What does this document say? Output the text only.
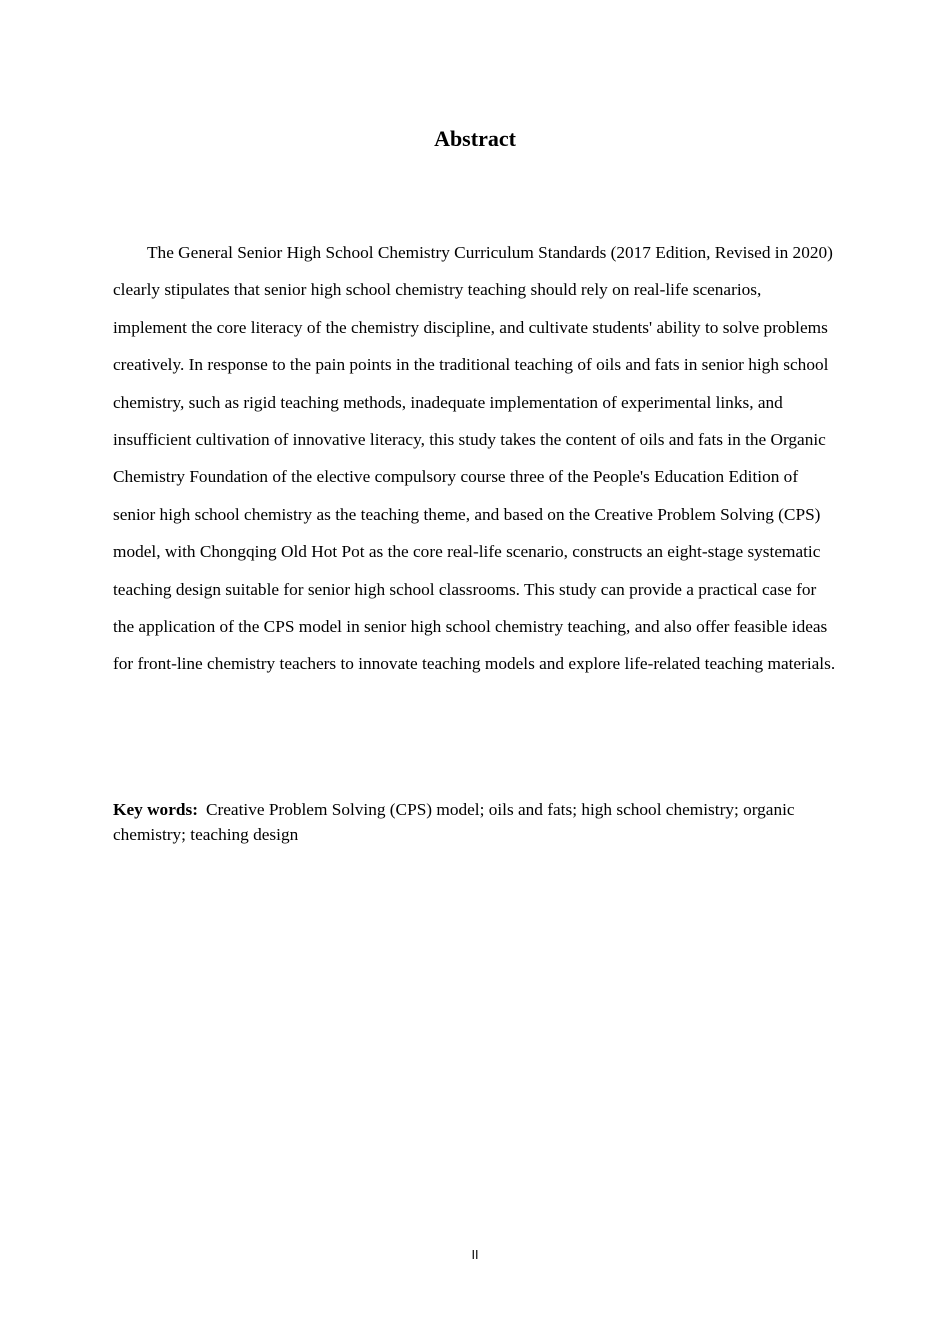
Abstract

The General Senior High School Chemistry Curriculum Standards (2017 Edition, Revised in 2020) clearly stipulates that senior high school chemistry teaching should rely on real-life scenarios, implement the core literacy of the chemistry discipline, and cultivate students' ability to solve problems creatively. In response to the pain points in the traditional teaching of oils and fats in senior high school chemistry, such as rigid teaching methods, inadequate implementation of experimental links, and insufficient cultivation of innovative literacy, this study takes the content of oils and fats in the Organic Chemistry Foundation of the elective compulsory course three of the People's Education Edition of senior high school chemistry as the teaching theme, and based on the Creative Problem Solving (CPS) model, with Chongqing Old Hot Pot as the core real-life scenario, constructs an eight-stage systematic teaching design suitable for senior high school classrooms. This study can provide a practical case for the application of the CPS model in senior high school chemistry teaching, and also offer feasible ideas for front-line chemistry teachers to innovate teaching models and explore life-related teaching materials.

Key words: Creative Problem Solving (CPS) model; oils and fats; high school chemistry; organic chemistry; teaching design

II
